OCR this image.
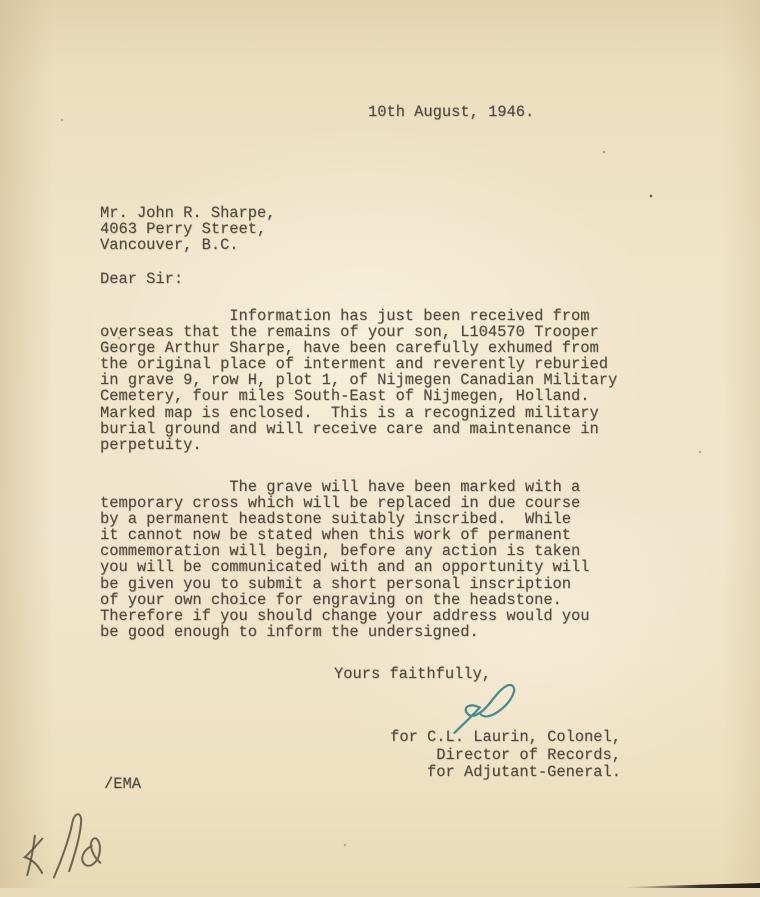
10th August, 1946.
Mr. John R. Sharpe,
4063 Perry Street,
Vancouver, B.C.
Dear Sir:
Information has just been received from
overseas that the remains of your son, L104570 Trooper
George Arthur Sharpe, have been carefully exhumed from
the original place of interment and reverently reburied
in grave 9, row H, plot 1, of Nijmegen Canadian Military
Cemetery, four miles South-East of Nijmegen, Holland.
Marked map is enclosed.  This is a recognized military
burial ground and will receive care and maintenance in
perpetuity.
The grave will have been marked with a
temporary cross which will be replaced in due course
by a permanent headstone suitably inscribed.  While
it cannot now be stated when this work of permanent
commemoration will begin, before any action is taken
you will be communicated with and an opportunity will
be given you to submit a short personal inscription
of your own choice for engraving on the headstone.
Therefore if you should change your address would you
be good enough to inform the undersigned.
Yours faithfully,
for C.L. Laurin, Colonel,
Director of Records,
for Adjutant-General.
/EMA
